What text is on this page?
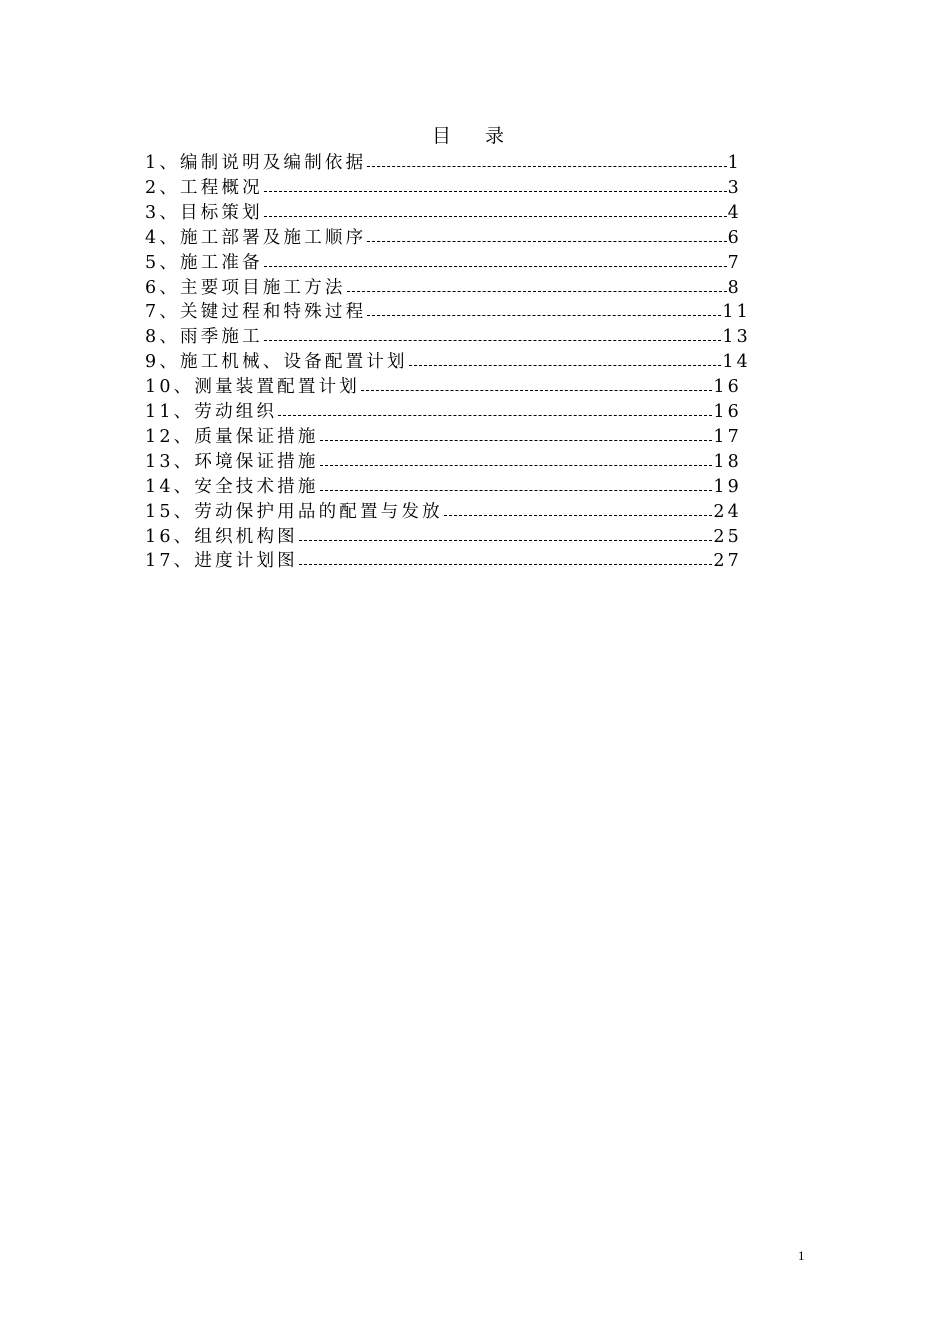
目 录
1、编制说明及编制依据	1
2、工程概况	3
3、目标策划	4
4、施工部署及施工顺序	6
5、施工准备	7
6、主要项目施工方法	8
7、关键过程和特殊过程	11
8、雨季施工	13
9、施工机械、设备配置计划	14
10、测量装置配置计划	16
11、劳动组织	16
12、质量保证措施	17
13、环境保证措施	18
14、安全技术措施	19
15、劳动保护用品的配置与发放	24
16、组织机构图	25
17、进度计划图	27
1
